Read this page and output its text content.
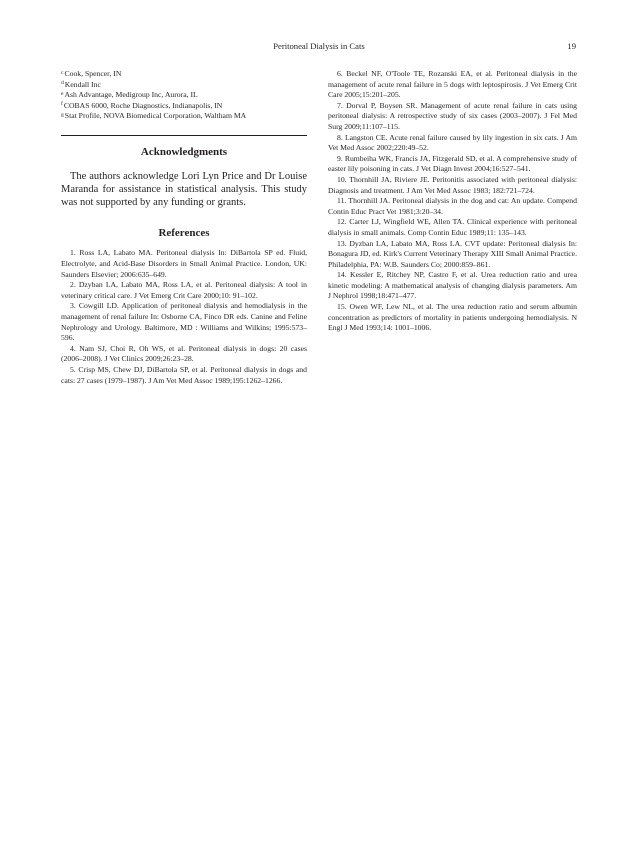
Peritoneal Dialysis in Cats	19
$^c$Cook, Spencer, IN
$^d$Kendall Inc
$^e$Ash Advantage, Medigroup Inc, Aurora, IL
$^f$COBAS 6000, Roche Diagnostics, Indianapolis, IN
$^g$Stat Profile, NOVA Biomedical Corporation, Waltham MA
Acknowledgments

The authors acknowledge Lori Lyn Price and Dr Louise Maranda for assistance in statistical analysis. This study was not supported by any funding or grants.

References
1. Ross LA, Labato MA. Peritoneal dialysis In: DiBartola SP ed. Fluid, Electrolyte, and Acid-Base Disorders in Small Animal Practice. London, UK: Saunders Elsevier; 2006:635–649.
2. Dzyban LA, Labato MA, Ross LA, et al. Peritoneal dialysis: A tool in veterinary critical care. J Vet Emerg Crit Care 2000;10: 91–102.
3. Cowgill LD. Application of peritoneal dialysis and hemodialysis in the management of renal failure In: Osborne CA, Finco DR eds. Canine and Feline Nephrology and Urology. Baltimore, MD : Williams and Wilkins; 1995:573–596.
4. Nam SJ, Choi R, Oh WS, et al. Peritoneal dialysis in dogs: 20 cases (2006–2008). J Vet Clinics 2009;26:23–28.
5. Crisp MS, Chew DJ, DiBartola SP, et al. Peritoneal dialysis in dogs and cats: 27 cases (1979–1987). J Am Vet Med Assoc 1989;195:1262–1266.
6. Beckel NF, O'Toole TE, Rozanski EA, et al. Peritoneal dialysis in the management of acute renal failure in 5 dogs with leptospirosis. J Vet Emerg Crit Care 2005;15:201–205.
7. Dorval P, Boysen SR. Management of acute renal failure in cats using peritoneal dialysis: A retrospective study of six cases (2003–2007). J Fel Med Surg 2009;11:107–115.
8. Langston CE. Acute renal failure caused by lily ingestion in six cats. J Am Vet Med Assoc 2002;220:49–52.
9. Rumbeiha WK, Francis JA, Fitzgerald SD, et al. A comprehensive study of easter lily poisoning in cats. J Vet Diagn Invest 2004;16:527–541.
10. Thornhill JA, Riviere JE. Peritonitis associated with peritoneal dialysis: Diagnosis and treatment. J Am Vet Med Assoc 1983; 182:721–724.
11. Thornhill JA. Peritoneal dialysis in the dog and cat: An update. Compend Contin Educ Pract Vet 1981;3:20–34.
12. Carter LJ, Wingfield WE, Allen TA. Clinical experience with peritoneal dialysis in small animals. Comp Contin Educ 1989;11: 135–143.
13. Dyzban LA, Labato MA, Ross LA. CVT update: Peritoneal dialysis In: Bonagura JD, ed. Kirk's Current Veterinary Therapy XIII Small Animal Practice. Philadelphia, PA: W.B. Saunders Co; 2000:859–861.
14. Kessler E, Ritchey NP, Castro F, et al. Urea reduction ratio and urea kinetic modeling: A mathematical analysis of changing dialysis parameters. Am J Nephrol 1998;18:471–477.
15. Owen WF, Lew NL, et al. The urea reduction ratio and serum albumin concentration as predictors of mortality in patients undergoing hemodialysis. N Engl J Med 1993;14: 1001–1006.
